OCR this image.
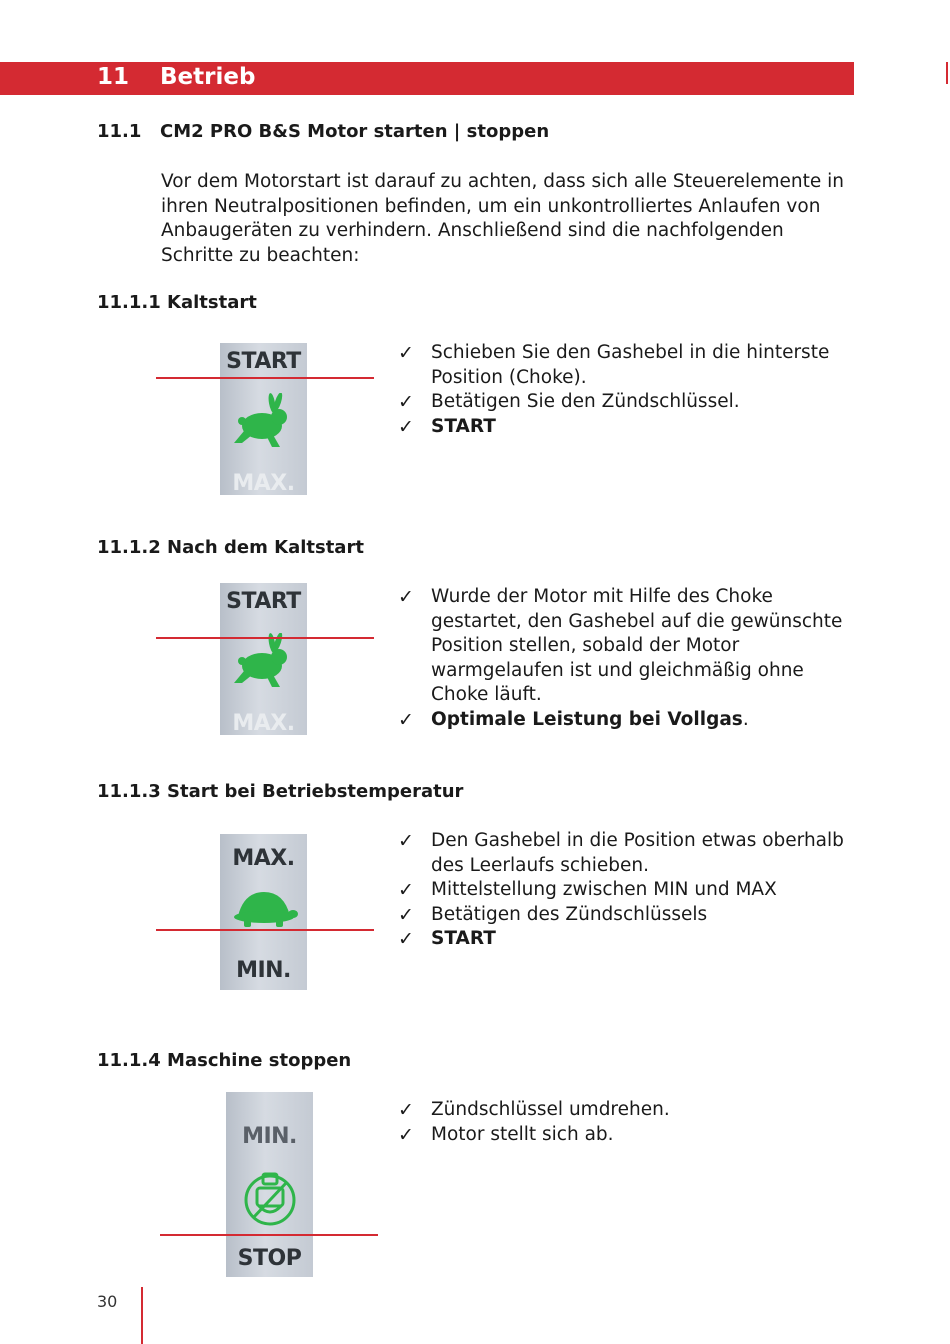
11 Betrieb
11.1 CM2 PRO B&S Motor starten | stoppen
Vor dem Motorstart ist darauf zu achten, dass sich alle Steuerelemente in ihren Neutralpositionen befinden, um ein unkontrolliertes Anlaufen von Anbaugeräten zu verhindern. Anschließend sind die nachfolgenden Schritte zu beachten:
11.1.1 Kaltstart
START
MAX.
✓ Schieben Sie den Gashebel in die hinterste Position (Choke).
✓ Betätigen Sie den Zündschlüssel.
✓ START
11.1.2 Nach dem Kaltstart
START
MAX.
✓ Wurde der Motor mit Hilfe des Choke gestartet, den Gashebel auf die gewünschte Position stellen, sobald der Motor warmgelaufen ist und gleichmäßig ohne Choke läuft.
✓ Optimale Leistung bei Vollgas.
11.1.3 Start bei Betriebstemperatur
MAX.
MIN.
✓ Den Gashebel in die Position etwas oberhalb des Leerlaufs schieben.
✓ Mittelstellung zwischen MIN und MAX
✓ Betätigen des Zündschlüssels
✓ START
11.1.4 Maschine stoppen
MIN.
STOP
✓ Zündschlüssel umdrehen.
✓ Motor stellt sich ab.
30
